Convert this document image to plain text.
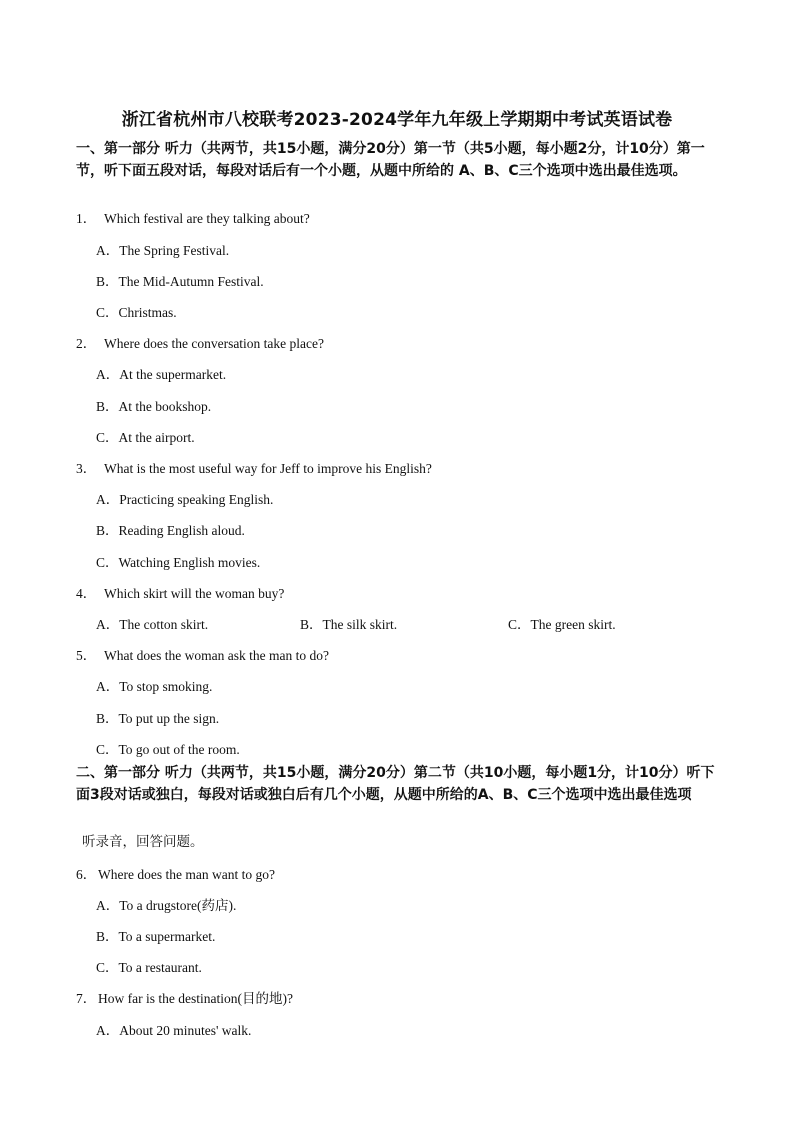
浙江省杭州市八校联考2023-2024学年九年级上学期期中考试英语试卷
一、第一部分 听力（共两节，共15小题，满分20分）第一节（共5小题，每小题2分，计10分）第一节，听下面五段对话，每段对话后有一个小题，从题中所给的 A、B、C三个选项中选出最佳选项。
1． Which festival are they talking about?
A．The Spring Festival.
B．The Mid-Autumn Festival.
C．Christmas.
2． Where does the conversation take place?
A．At the supermarket.
B．At the bookshop.
C．At the airport.
3． What is the most useful way for Jeff to improve his English?
A．Practicing speaking English.
B．Reading English aloud.
C．Watching English movies.
4． Which skirt will the woman buy?
A．The cotton skirt.	B．The silk skirt.	C．The green skirt.
5． What does the woman ask the man to do?
A．To stop smoking.
B．To put up the sign.
C．To go out of the room.
二、第一部分 听力（共两节，共15小题，满分20分）第二节（共10小题，每小题1分，计10分）听下面3段对话或独白，每段对话或独白后有几个小题，从题中所给的A、B、C三个选项中选出最佳选项
听录音，回答问题。
6． Where does the man want to go?
A．To a drugstore(药店).
B．To a supermarket.
C．To a restaurant.
7． How far is the destination(目的地)?
A．About 20 minutes' walk.
